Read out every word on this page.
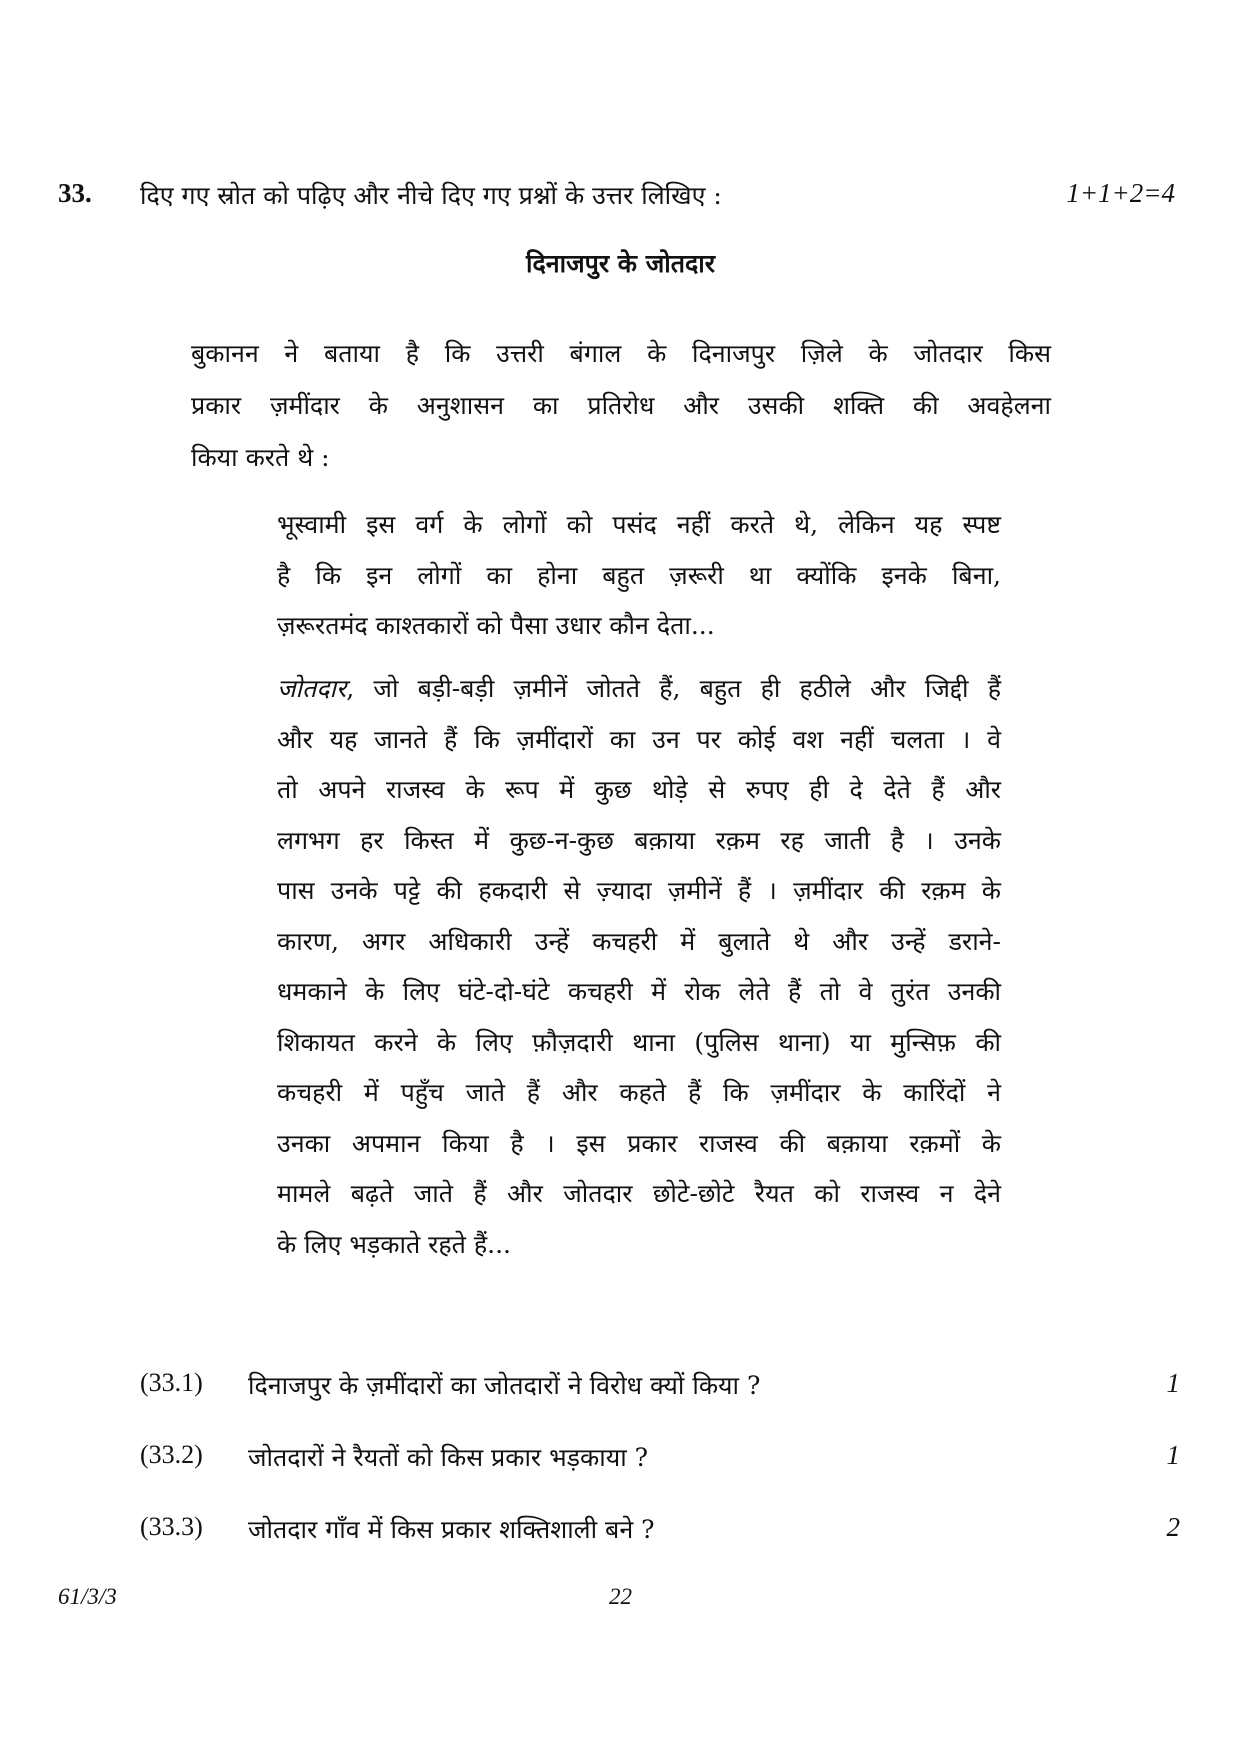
33. दिए गए स्रोत को पढ़िए और नीचे दिए गए प्रश्नों के उत्तर लिखिए :	1+1+2=4
दिनाजपुर के जोतदार
बुकानन ने बताया है कि उत्तरी बंगाल के दिनाजपुर ज़िले के जोतदार किस
प्रकार ज़मींदार के अनुशासन का प्रतिरोध और उसकी शक्ति की अवहेलना
किया करते थे :
भूस्वामी इस वर्ग के लोगों को पसंद नहीं करते थे, लेकिन यह स्पष्ट
है कि इन लोगों का होना बहुत ज़रूरी था क्योंकि इनके बिना,
ज़रूरतमंद काश्तकारों को पैसा उधार कौन देता...
जोतदार, जो बड़ी-बड़ी ज़मीनें जोतते हैं, बहुत ही हठीले और जिद्दी हैं
और यह जानते हैं कि ज़मींदारों का उन पर कोई वश नहीं चलता । वे
तो अपने राजस्व के रूप में कुछ थोड़े से रुपए ही दे देते हैं और
लगभग हर किस्त में कुछ-न-कुछ बक़ाया रक़म रह जाती है । उनके
पास उनके पट्टे की हकदारी से ज़्यादा ज़मीनें हैं । ज़मींदार की रक़म के
कारण, अगर अधिकारी उन्हें कचहरी में बुलाते थे और उन्हें डराने-
धमकाने के लिए घंटे-दो-घंटे कचहरी में रोक लेते हैं तो वे तुरंत उनकी
शिकायत करने के लिए फ़ौज़दारी थाना (पुलिस थाना) या मुन्सिफ़ की
कचहरी में पहुँच जाते हैं और कहते हैं कि ज़मींदार के कारिंदों ने
उनका अपमान किया है । इस प्रकार राजस्व की बक़ाया रक़मों के
मामले बढ़ते जाते हैं और जोतदार छोटे-छोटे रैयत को राजस्व न देने
के लिए भड़काते रहते हैं...
(33.1) दिनाजपुर के ज़मींदारों का जोतदारों ने विरोध क्यों किया ?	1
(33.2) जोतदारों ने रैयतों को किस प्रकार भड़काया ?	1
(33.3) जोतदार गाँव में किस प्रकार शक्तिशाली बने ?	2
61/3/3	22
